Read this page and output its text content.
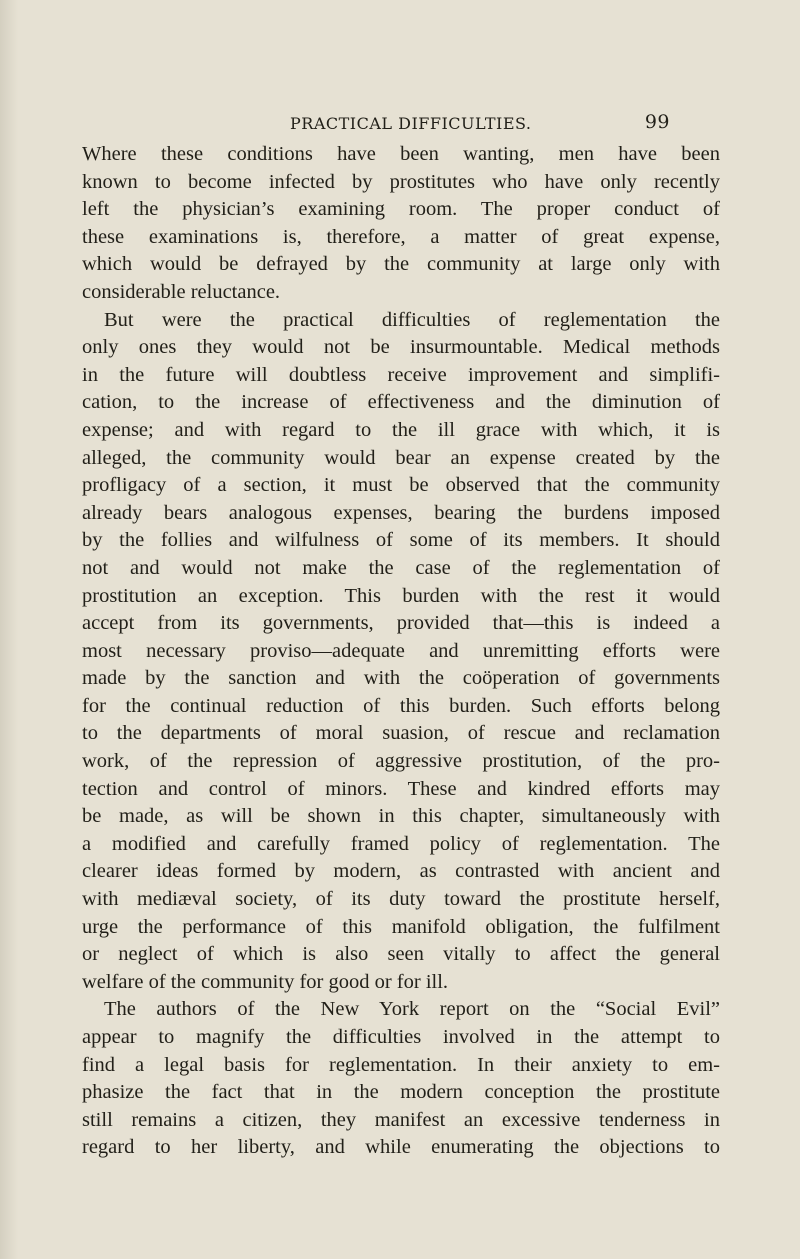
PRACTICAL DIFFICULTIES.	99
Where these conditions have been wanting, men have been
known to become infected by prostitutes who have only recently
left the physician’s examining room. The proper conduct of
these examinations is, therefore, a matter of great expense,
which would be defrayed by the community at large only with
considerable reluctance.
But were the practical difficulties of reglementation the
only ones they would not be insurmountable. Medical methods
in the future will doubtless receive improvement and simplifi-
cation, to the increase of effectiveness and the diminution of
expense; and with regard to the ill grace with which, it is
alleged, the community would bear an expense created by the
profligacy of a section, it must be observed that the community
already bears analogous expenses, bearing the burdens imposed
by the follies and wilfulness of some of its members. It should
not and would not make the case of the reglementation of
prostitution an exception. This burden with the rest it would
accept from its governments, provided that—this is indeed a
most necessary proviso—adequate and unremitting efforts were
made by the sanction and with the coöperation of governments
for the continual reduction of this burden. Such efforts belong
to the departments of moral suasion, of rescue and reclamation
work, of the repression of aggressive prostitution, of the pro-
tection and control of minors. These and kindred efforts may
be made, as will be shown in this chapter, simultaneously with
a modified and carefully framed policy of reglementation. The
clearer ideas formed by modern, as contrasted with ancient and
with mediæval society, of its duty toward the prostitute herself,
urge the performance of this manifold obligation, the fulfilment
or neglect of which is also seen vitally to affect the general
welfare of the community for good or for ill.
The authors of the New York report on the “Social Evil”
appear to magnify the difficulties involved in the attempt to
find a legal basis for reglementation. In their anxiety to em-
phasize the fact that in the modern conception the prostitute
still remains a citizen, they manifest an excessive tenderness in
regard to her liberty, and while enumerating the objections to
